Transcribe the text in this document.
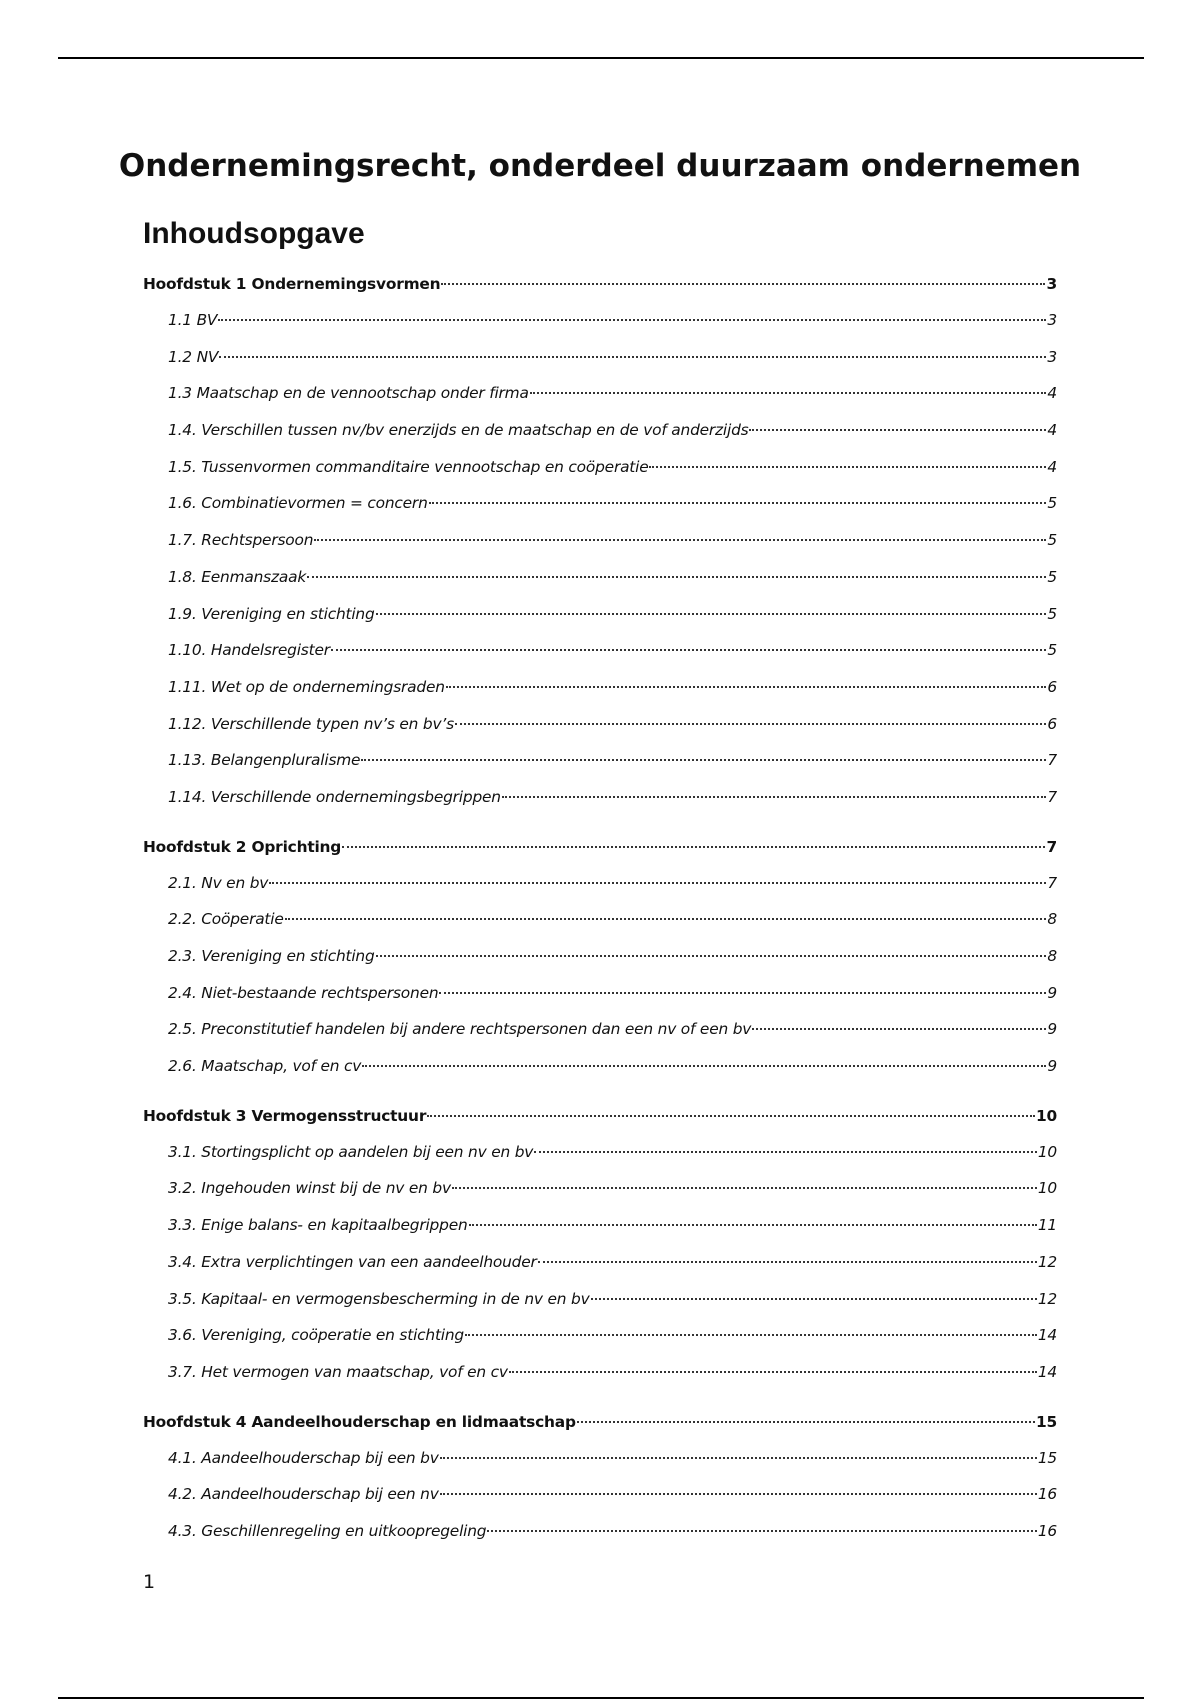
Ondernemingsrecht, onderdeel duurzaam ondernemen
Inhoudsopgave
Hoofdstuk 1 Ondernemingsvormen	3
1.1 BV	3
1.2 NV	3
1.3 Maatschap en de vennootschap onder firma	4
1.4. Verschillen tussen nv/bv enerzijds en de maatschap en de vof anderzijds	4
1.5. Tussenvormen commanditaire vennootschap en coöperatie	4
1.6. Combinatievormen = concern	5
1.7. Rechtspersoon	5
1.8. Eenmanszaak	5
1.9. Vereniging en stichting	5
1.10. Handelsregister	5
1.11. Wet op de ondernemingsraden	6
1.12. Verschillende typen nv’s en bv’s	6
1.13. Belangenpluralisme	7
1.14. Verschillende ondernemingsbegrippen	7
Hoofdstuk 2 Oprichting	7
2.1. Nv en bv	7
2.2. Coöperatie	8
2.3. Vereniging en stichting	8
2.4. Niet-bestaande rechtspersonen	9
2.5. Preconstitutief handelen bij andere rechtspersonen dan een nv of een bv	9
2.6. Maatschap, vof en cv	9
Hoofdstuk 3 Vermogensstructuur	10
3.1. Stortingsplicht op aandelen bij een nv en bv	10
3.2. Ingehouden winst bij de nv en bv	10
3.3. Enige balans- en kapitaalbegrippen	11
3.4. Extra verplichtingen van een aandeelhouder	12
3.5. Kapitaal- en vermogensbescherming in de nv en bv	12
3.6. Vereniging, coöperatie en stichting	14
3.7. Het vermogen van maatschap, vof en cv	14
Hoofdstuk 4 Aandeelhouderschap en lidmaatschap	15
4.1. Aandeelhouderschap bij een bv	15
4.2. Aandeelhouderschap bij een nv	16
4.3. Geschillenregeling en uitkoopregeling	16
1
